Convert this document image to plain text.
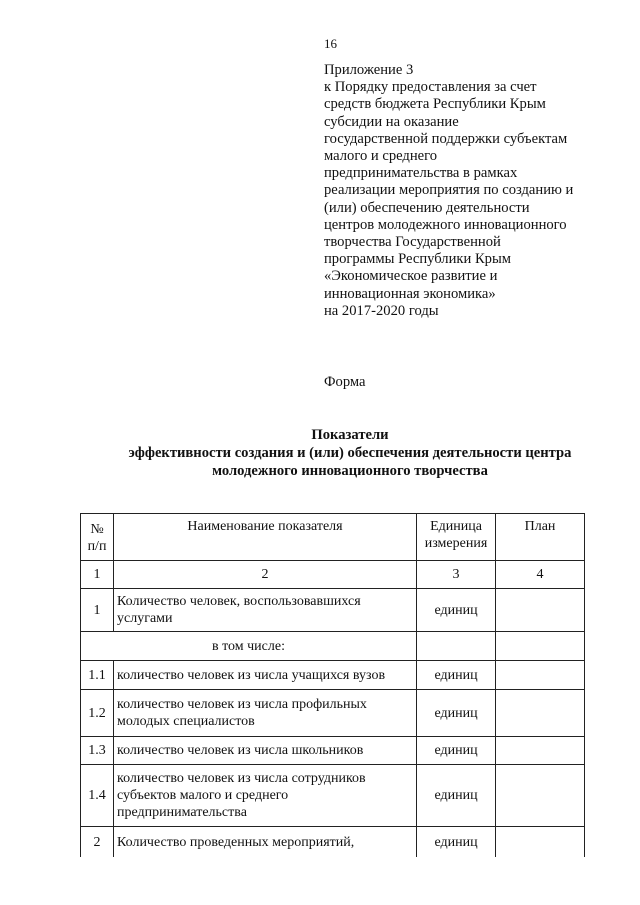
16
Приложение 3
к Порядку предоставления за счет
средств бюджета Республики Крым
субсидии на оказание
государственной поддержки субъектам
малого и среднего
предпринимательства в рамках
реализации мероприятия по созданию и
(или) обеспечению деятельности
центров молодежного инновационного
творчества Государственной
программы Республики Крым
«Экономическое развитие и
инновационная экономика»
на 2017-2020 годы
Форма
Показатели
эффективности создания и (или) обеспечения деятельности центра
молодежного инновационного творчества
№ п/п	Наименование показателя	Единица измерения	План
1	2	3	4
1	Количество человек, воспользовавшихся услугами	единиц	
в том числе:			
1.1	количество человек из числа учащихся вузов	единиц	
1.2	количество человек из числа профильных молодых специалистов	единиц	
1.3	количество человек из числа школьников	единиц	
1.4	количество человек из числа сотрудников субъектов малого и среднего предпринимательства	единиц	
2	Количество проведенных мероприятий,	единиц	
